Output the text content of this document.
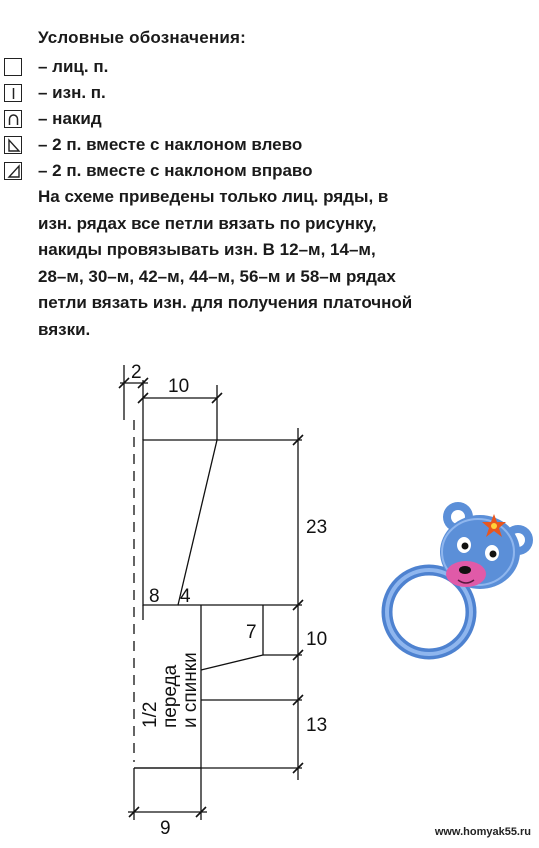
Условные обозначения:
– лиц. п.
– изн. п.
– накид
– 2 п. вместе с наклоном влево
– 2 п. вместе с наклоном вправо
На схеме приведены только лиц. ряды, в
изн. рядах все петли вязать по рисунку,
накиды провязывать изн. В 12–м, 14–м,
28–м, 30–м, 42–м, 44–м, 56–м и 58–м рядах
петли вязать изн. для получения платочной
вязки.
2
10
23
8 4
7	10
13
9
1/2 переда и спинки
www.homyak55.ru
